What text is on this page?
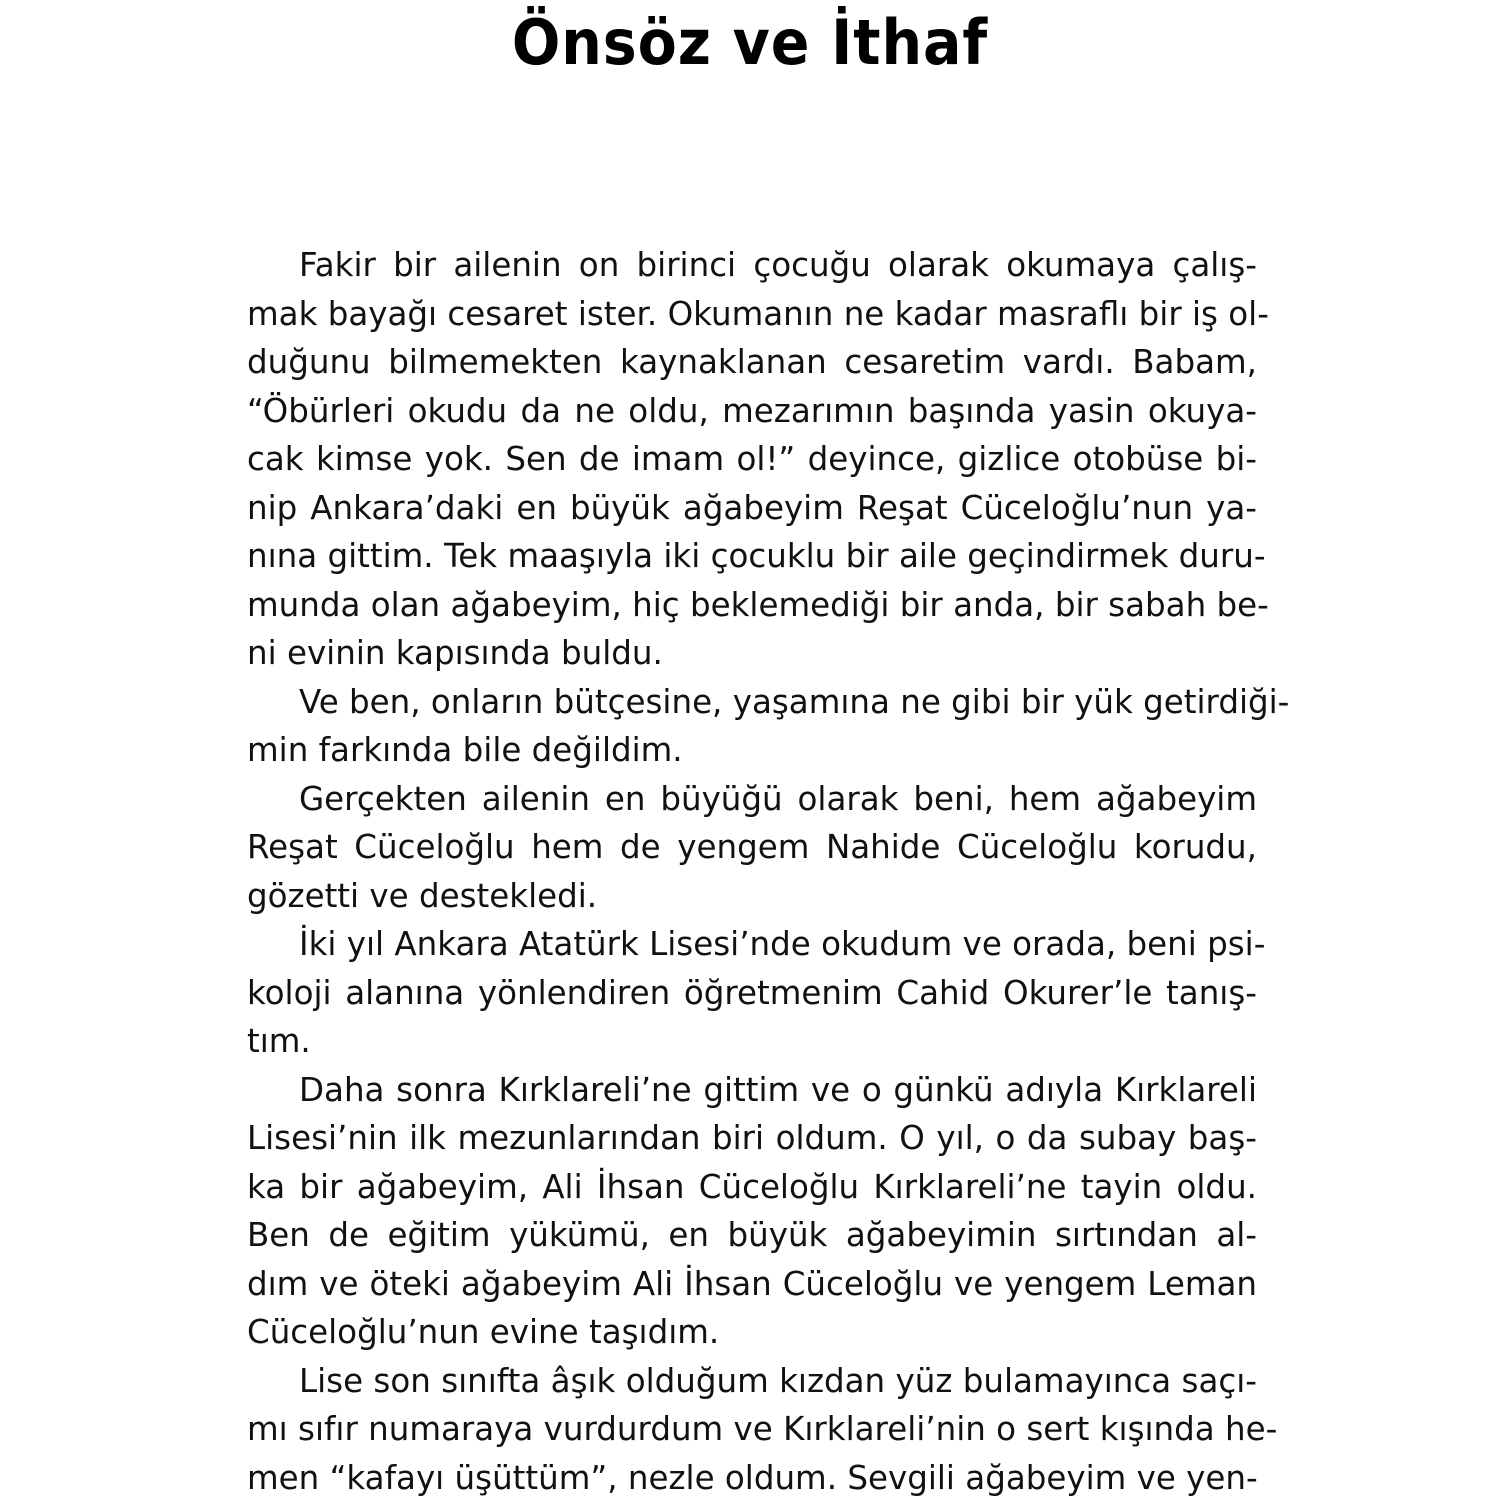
Önsöz ve İthaf
Fakir bir ailenin on birinci çocuğu olarak okumaya çalış-
mak bayağı cesaret ister. Okumanın ne kadar masraflı bir iş ol-
duğunu bilmemekten kaynaklanan cesaretim vardı. Babam,
“Öbürleri okudu da ne oldu, mezarımın başında yasin okuya-
cak kimse yok. Sen de imam ol!” deyince, gizlice otobüse bi-
nip Ankara’daki en büyük ağabeyim Reşat Cüceloğlu’nun ya-
nına gittim. Tek maaşıyla iki çocuklu bir aile geçindirmek duru-
munda olan ağabeyim, hiç beklemediği bir anda, bir sabah be-
ni evinin kapısında buldu.
Ve ben, onların bütçesine, yaşamına ne gibi bir yük getirdiği-
min farkında bile değildim.
Gerçekten ailenin en büyüğü olarak beni, hem ağabeyim
Reşat Cüceloğlu hem de yengem Nahide Cüceloğlu korudu,
gözetti ve destekledi.
İki yıl Ankara Atatürk Lisesi’nde okudum ve orada, beni psi-
koloji alanına yönlendiren öğretmenim Cahid Okurer’le tanış-
tım.
Daha sonra Kırklareli’ne gittim ve o günkü adıyla Kırklareli
Lisesi’nin ilk mezunlarından biri oldum. O yıl, o da subay baş-
ka bir ağabeyim, Ali İhsan Cüceloğlu Kırklareli’ne tayin oldu.
Ben de eğitim yükümü, en büyük ağabeyimin sırtından al-
dım ve öteki ağabeyim Ali İhsan Cüceloğlu ve yengem Leman
Cüceloğlu’nun evine taşıdım.
Lise son sınıfta âşık olduğum kızdan yüz bulamayınca saçı-
mı sıfır numaraya vurdurdum ve Kırklareli’nin o sert kışında he-
men “kafayı üşüttüm”, nezle oldum. Sevgili ağabeyim ve yen-
